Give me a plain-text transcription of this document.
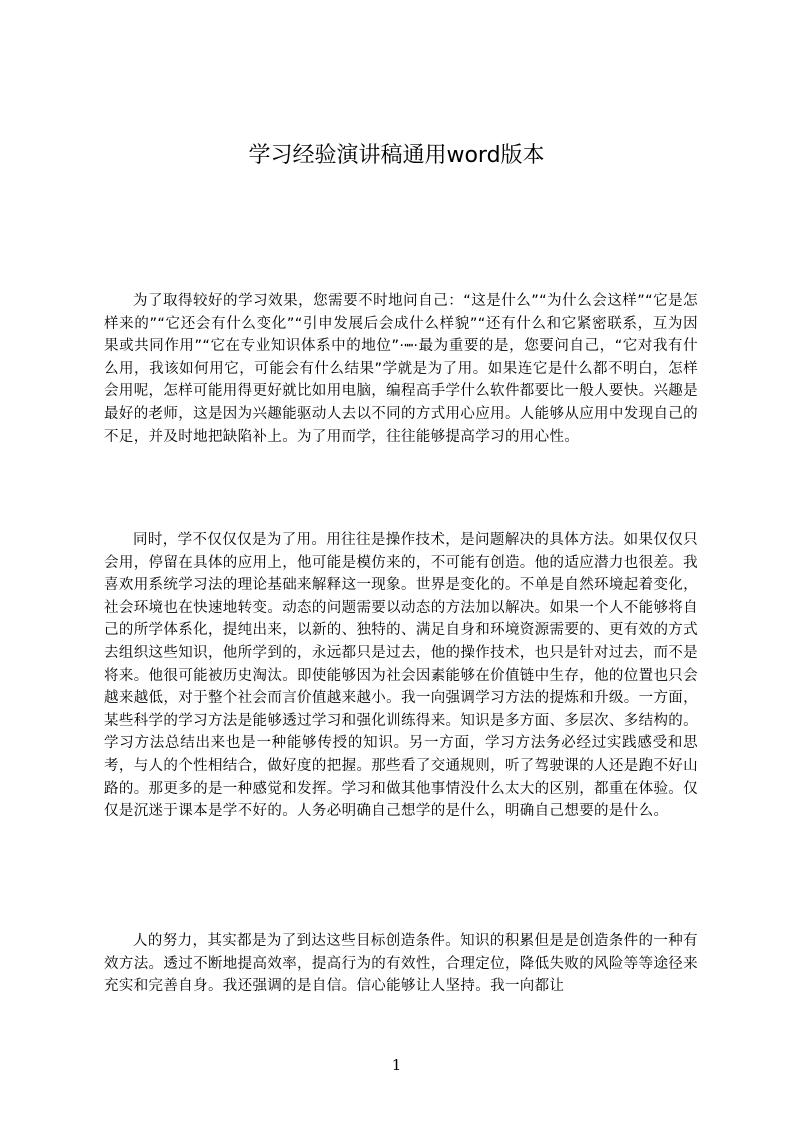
学习经验演讲稿通用word版本

为了取得较好的学习效果，您需要不时地问自己：“这是什么”“为什么会这样”“它是怎样来的”“它还会有什么变化”“引申发展后会成什么样貌”“还有什么和它紧密联系，互为因果或共同作用”“它在专业知识体系中的地位”·┉·最为重要的是，您要问自己，“它对我有什么用，我该如何用它，可能会有什么结果”学就是为了用。如果连它是什么都不明白，怎样会用呢，怎样可能用得更好就比如用电脑，编程高手学什么软件都要比一般人要快。兴趣是最好的老师，这是因为兴趣能驱动人去以不同的方式用心应用。人能够从应用中发现自己的不足，并及时地把缺陷补上。为了用而学，往往能够提高学习的用心性。

同时，学不仅仅仅是为了用。用往往是操作技术，是问题解决的具体方法。如果仅仅只会用，停留在具体的应用上，他可能是模仿来的，不可能有创造。他的适应潜力也很差。我喜欢用系统学习法的理论基础来解释这一现象。世界是变化的。不单是自然环境起着变化，社会环境也在快速地转变。动态的问题需要以动态的方法加以解决。如果一个人不能够将自己的所学体系化，提纯出来，以新的、独特的、满足自身和环境资源需要的、更有效的方式去组织这些知识，他所学到的，永远都只是过去，他的操作技术，也只是针对过去，而不是将来。他很可能被历史淘汰。即使能够因为社会因素能够在价值链中生存，他的位置也只会越来越低，对于整个社会而言价值越来越小。我一向强调学习方法的提炼和升级。一方面，某些科学的学习方法是能够透过学习和强化训练得来。知识是多方面、多层次、多结构的。学习方法总结出来也是一种能够传授的知识。另一方面，学习方法务必经过实践感受和思考，与人的个性相结合，做好度的把握。那些看了交通规则，听了驾驶课的人还是跑不好山路的。那更多的是一种感觉和发挥。学习和做其他事情没什么太大的区别，都重在体验。仅仅是沉迷于课本是学不好的。人务必明确自己想学的是什么，明确自己想要的是什么。

人的努力，其实都是为了到达这些目标创造条件。知识的积累但是是创造条件的一种有效方法。透过不断地提高效率，提高行为的有效性，合理定位，降低失败的风险等等途径来充实和完善自身。我还强调的是自信。信心能够让人坚持。我一向都让

1
